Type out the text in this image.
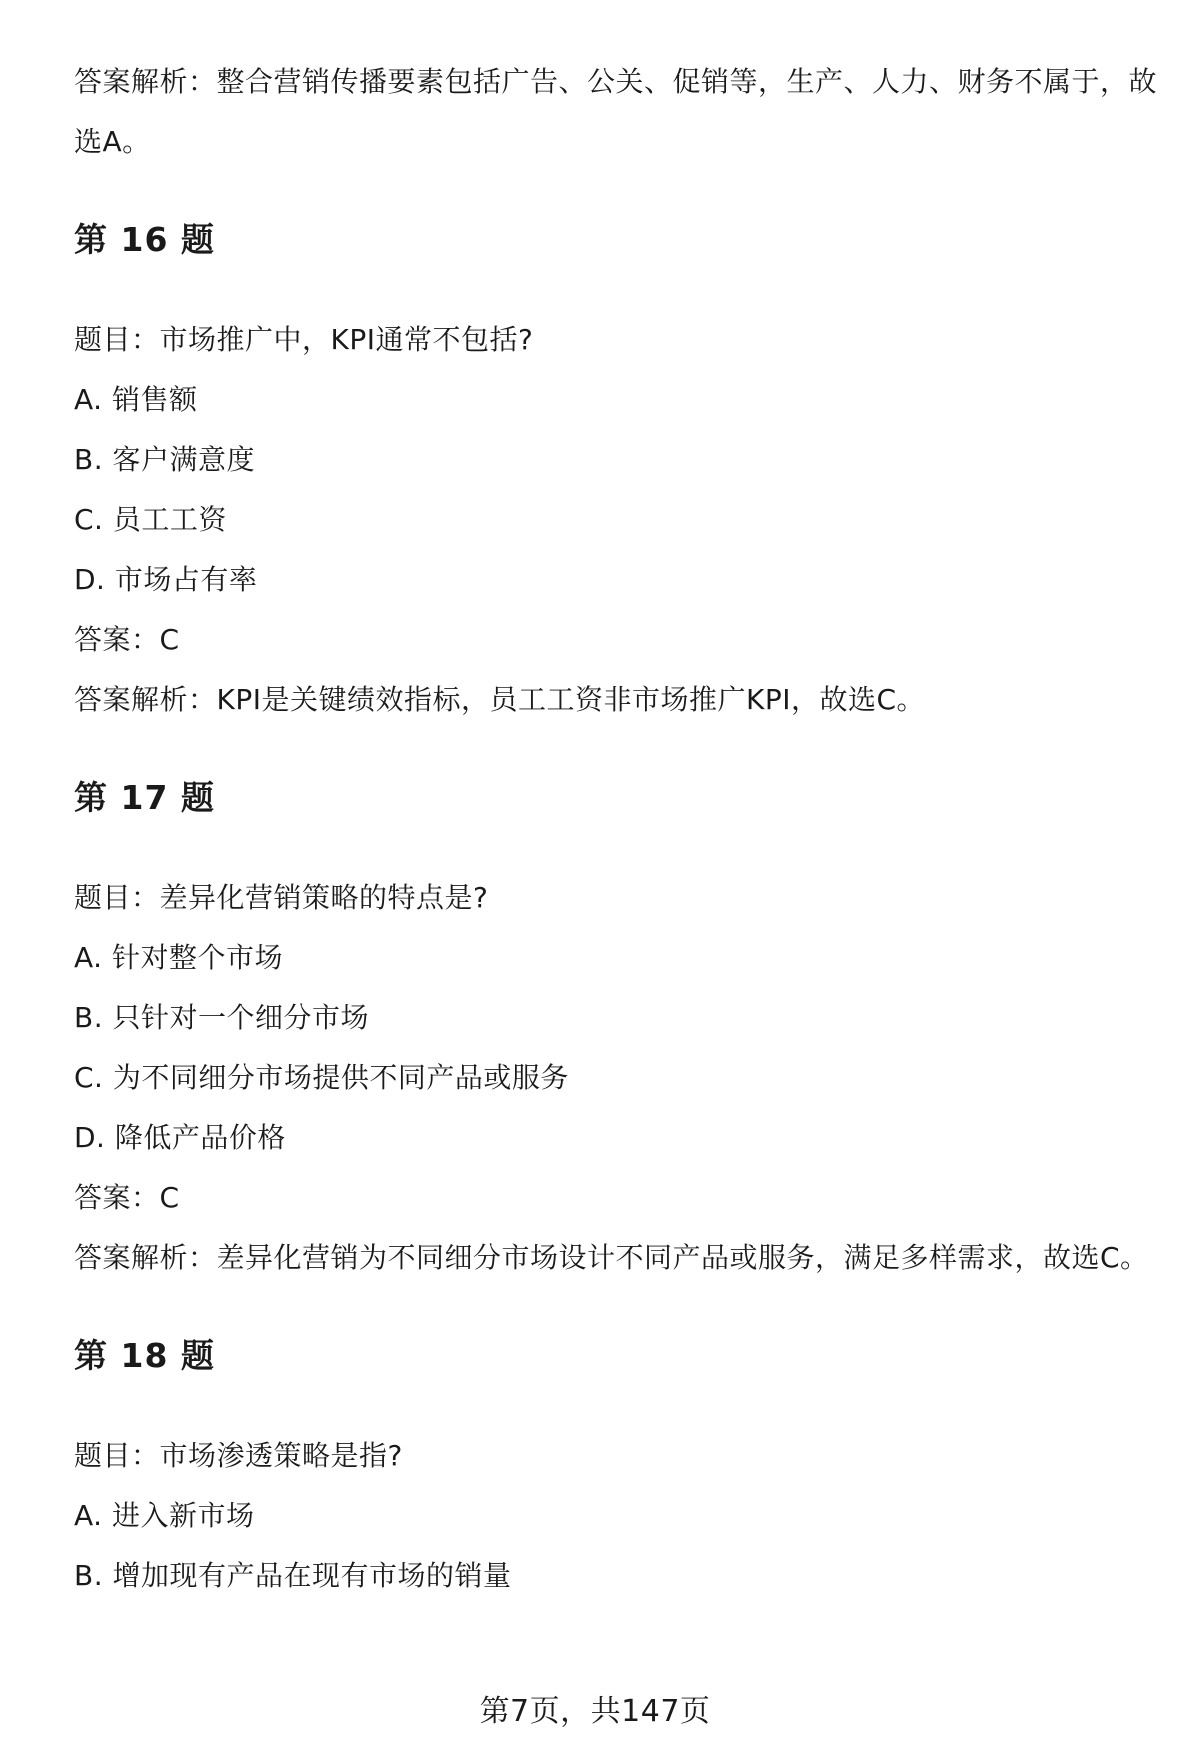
答案解析：整合营销传播要素包括广告、公关、促销等，生产、人力、财务不属于，故选A。
第 16 题
题目：市场推广中，KPI通常不包括?
A. 销售额
B. 客户满意度
C. 员工工资
D. 市场占有率
答案：C
答案解析：KPI是关键绩效指标，员工工资非市场推广KPI，故选C。
第 17 题
题目：差异化营销策略的特点是?
A. 针对整个市场
B. 只针对一个细分市场
C. 为不同细分市场提供不同产品或服务
D. 降低产品价格
答案：C
答案解析：差异化营销为不同细分市场设计不同产品或服务，满足多样需求，故选C。
第 18 题
题目：市场渗透策略是指?
A. 进入新市场
B. 增加现有产品在现有市场的销量
第7页，共147页
